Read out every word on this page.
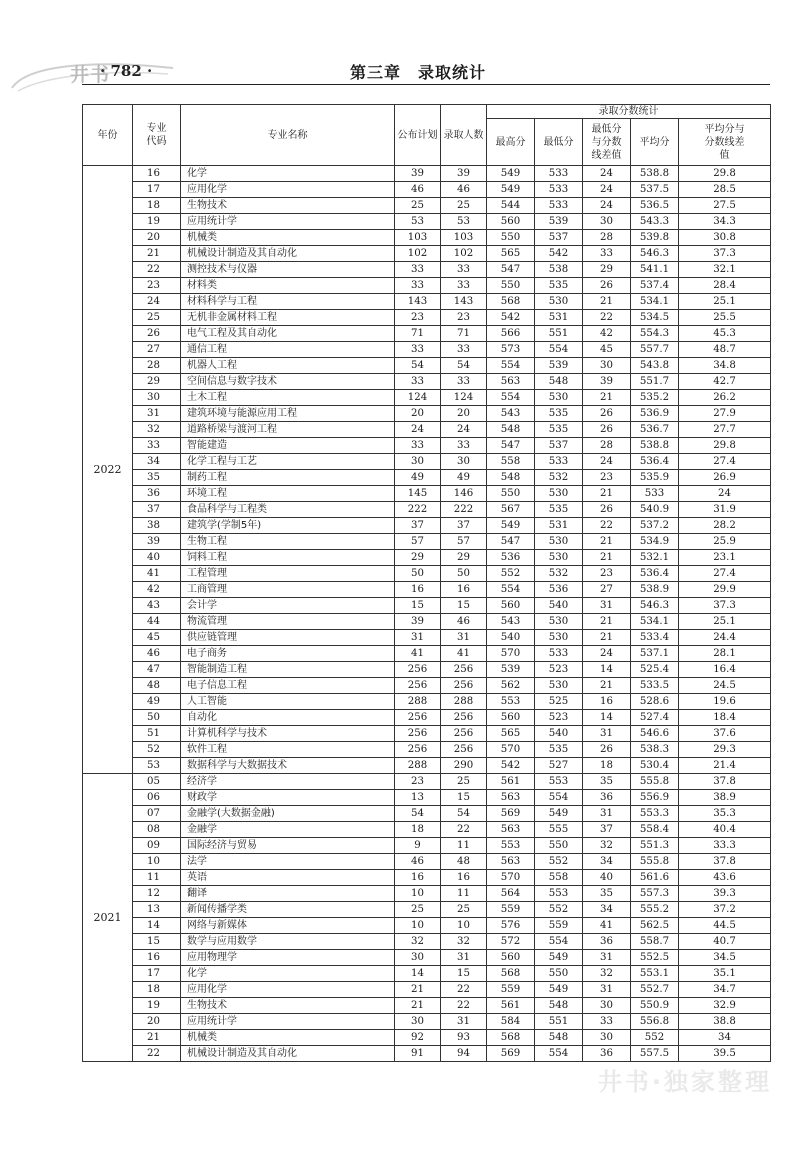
井书
· 782 ·	第三章　录取统计
年份	专业代码	专业名称	公布计划	录取人数	录取分数统计				
					最高分	最低分	最低分与分数线差值	平均分	平均分与分数线差值
2022	16	化学	39	39	549	533	24	538.8	29.8
	17	应用化学	46	46	549	533	24	537.5	28.5
	18	生物技术	25	25	544	533	24	536.5	27.5
	19	应用统计学	53	53	560	539	30	543.3	34.3
	20	机械类	103	103	550	537	28	539.8	30.8
	21	机械设计制造及其自动化	102	102	565	542	33	546.3	37.3
	22	测控技术与仪器	33	33	547	538	29	541.1	32.1
	23	材料类	33	33	550	535	26	537.4	28.4
	24	材料科学与工程	143	143	568	530	21	534.1	25.1
	25	无机非金属材料工程	23	23	542	531	22	534.5	25.5
	26	电气工程及其自动化	71	71	566	551	42	554.3	45.3
	27	通信工程	33	33	573	554	45	557.7	48.7
	28	机器人工程	54	54	554	539	30	543.8	34.8
	29	空间信息与数字技术	33	33	563	548	39	551.7	42.7
	30	土木工程	124	124	554	530	21	535.2	26.2
	31	建筑环境与能源应用工程	20	20	543	535	26	536.9	27.9
	32	道路桥梁与渡河工程	24	24	548	535	26	536.7	27.7
	33	智能建造	33	33	547	537	28	538.8	29.8
	34	化学工程与工艺	30	30	558	533	24	536.4	27.4
	35	制药工程	49	49	548	532	23	535.9	26.9
	36	环境工程	145	146	550	530	21	533	24
	37	食品科学与工程类	222	222	567	535	26	540.9	31.9
	38	建筑学(学制5年)	37	37	549	531	22	537.2	28.2
	39	生物工程	57	57	547	530	21	534.9	25.9
	40	饲料工程	29	29	536	530	21	532.1	23.1
	41	工程管理	50	50	552	532	23	536.4	27.4
	42	工商管理	16	16	554	536	27	538.9	29.9
	43	会计学	15	15	560	540	31	546.3	37.3
	44	物流管理	39	46	543	530	21	534.1	25.1
	45	供应链管理	31	31	540	530	21	533.4	24.4
	46	电子商务	41	41	570	533	24	537.1	28.1
	47	智能制造工程	256	256	539	523	14	525.4	16.4
	48	电子信息工程	256	256	562	530	21	533.5	24.5
	49	人工智能	288	288	553	525	16	528.6	19.6
	50	自动化	256	256	560	523	14	527.4	18.4
	51	计算机科学与技术	256	256	565	540	31	546.6	37.6
	52	软件工程	256	256	570	535	26	538.3	29.3
	53	数据科学与大数据技术	288	290	542	527	18	530.4	21.4
2021	05	经济学	23	25	561	553	35	555.8	37.8
	06	财政学	13	15	563	554	36	556.9	38.9
	07	金融学(大数据金融)	54	54	569	549	31	553.3	35.3
	08	金融学	18	22	563	555	37	558.4	40.4
	09	国际经济与贸易	9	11	553	550	32	551.3	33.3
	10	法学	46	48	563	552	34	555.8	37.8
	11	英语	16	16	570	558	40	561.6	43.6
	12	翻译	10	11	564	553	35	557.3	39.3
	13	新闻传播学类	25	25	559	552	34	555.2	37.2
	14	网络与新媒体	10	10	576	559	41	562.5	44.5
	15	数学与应用数学	32	32	572	554	36	558.7	40.7
	16	应用物理学	30	31	560	549	31	552.5	34.5
	17	化学	14	15	568	550	32	553.1	35.1
	18	应用化学	21	22	559	549	31	552.7	34.7
	19	生物技术	21	22	561	548	30	550.9	32.9
	20	应用统计学	30	31	584	551	33	556.8	38.8
	21	机械类	92	93	568	548	30	552	34
	22	机械设计制造及其自动化	91	94	569	554	36	557.5	39.5
井书·独家整理
